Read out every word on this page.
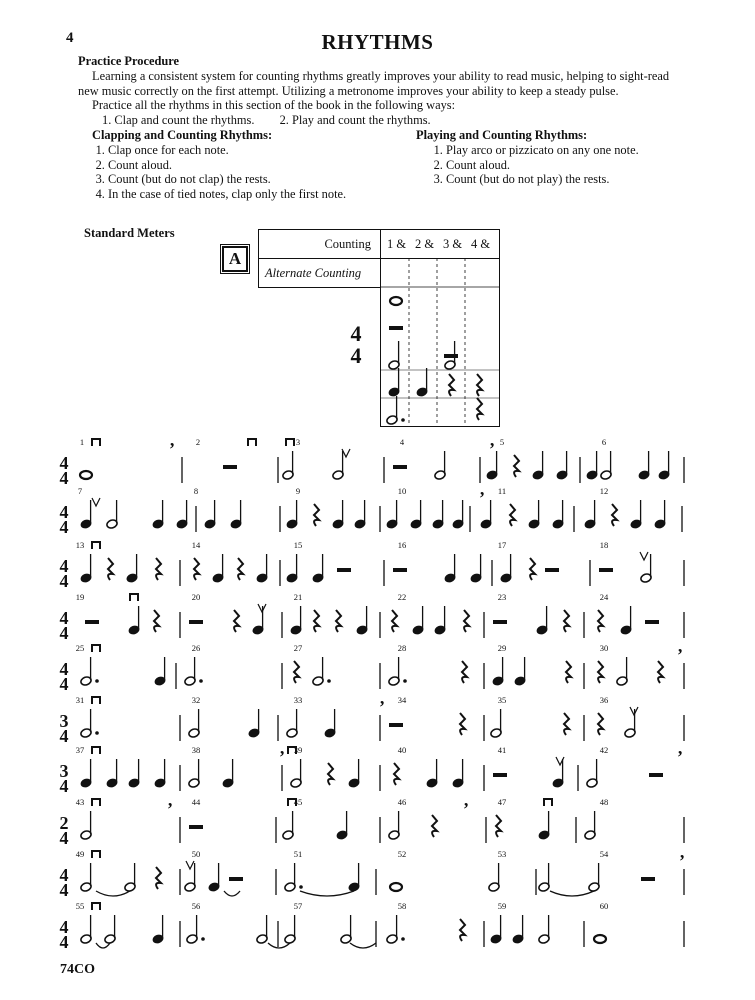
4	RHYTHMS
Practice Procedure
Learning a consistent system for counting rhythms greatly improves your ability to read music, helping to sight-read new music correctly on the first attempt. Utilizing a metronome improves your ability to keep a steady pulse.
Practice all the rhythms in this section of the book in the following ways:
1. Clap and count the rhythms. 2. Play and count the rhythms.
Clapping and Counting Rhythms:
1. Clap once for each note.
2. Count aloud.
3. Count (but do not clap) the rests.
4. In the case of tied notes, clap only the first note.
Playing and Counting Rhythms:
1. Play arco or pizzicato on any one note.
2. Count aloud.
3. Count (but do not play) the rests.
Standard Meters
A
Counting
Alternate Counting
1 & 2 & 3 & 4 &
4
4
4
4
1	2	3	4	5	6
’	’
4
4
7	8	9	10	11	12
’
4
4
13	14	15	16	17	18
4
4
19	20	21	22	23	24
4
4
25	26	27	28	29	30	’
3
4
31	32	33	34	35	36
’
3
4
37	38	39	40	41	42
’	’
2
4
43	44	45	46	47	48
’	’
4
4
49	50	51	52	53	54	’
4
4
55	56	57	58	59	60
74CO
